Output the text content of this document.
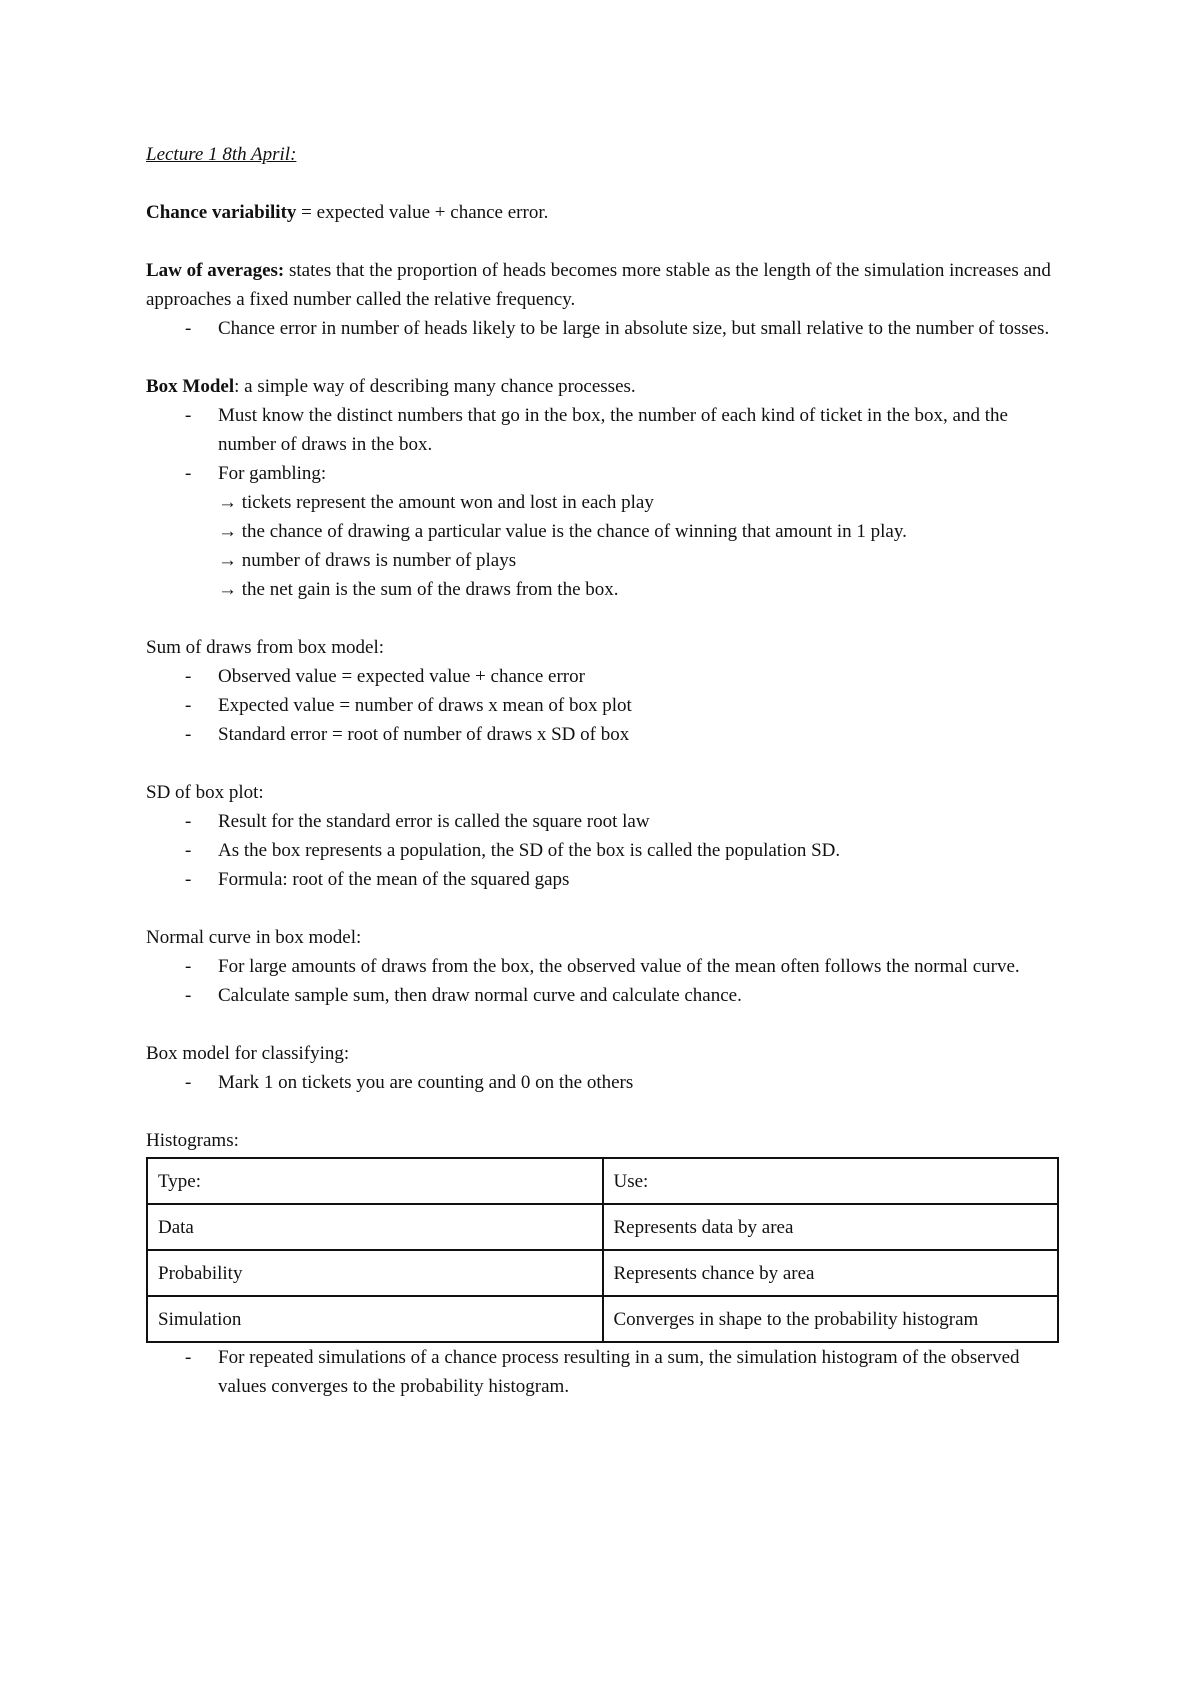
Lecture 1 8th April:

Chance variability = expected value + chance error.

Law of averages: states that the proportion of heads becomes more stable as the length of the simulation increases and approaches a fixed number called the relative frequency.

- Chance error in number of heads likely to be large in absolute size, but small relative to the number of tosses.

Box Model: a simple way of describing many chance processes.

- Must know the distinct numbers that go in the box, the number of each kind of ticket in the box, and the number of draws in the box.
- For gambling:
→ tickets represent the amount won and lost in each play
→ the chance of drawing a particular value is the chance of winning that amount in 1 play.
→ number of draws is number of plays
→ the net gain is the sum of the draws from the box.

Sum of draws from box model:

- Observed value = expected value + chance error
- Expected value = number of draws x mean of box plot
- Standard error = root of number of draws x SD of box

SD of box plot:

- Result for the standard error is called the square root law
- As the box represents a population, the SD of the box is called the population SD.
- Formula: root of the mean of the squared gaps

Normal curve in box model:

- For large amounts of draws from the box, the observed value of the mean often follows the normal curve.
- Calculate sample sum, then draw normal curve and calculate chance.

Box model for classifying:

- Mark 1 on tickets you are counting and 0 on the others

Histograms:

Type:	Use:
Data	Represents data by area
Probability	Represents chance by area
Simulation	Converges in shape to the probability histogram
- For repeated simulations of a chance process resulting in a sum, the simulation histogram of the observed values converges to the probability histogram.
